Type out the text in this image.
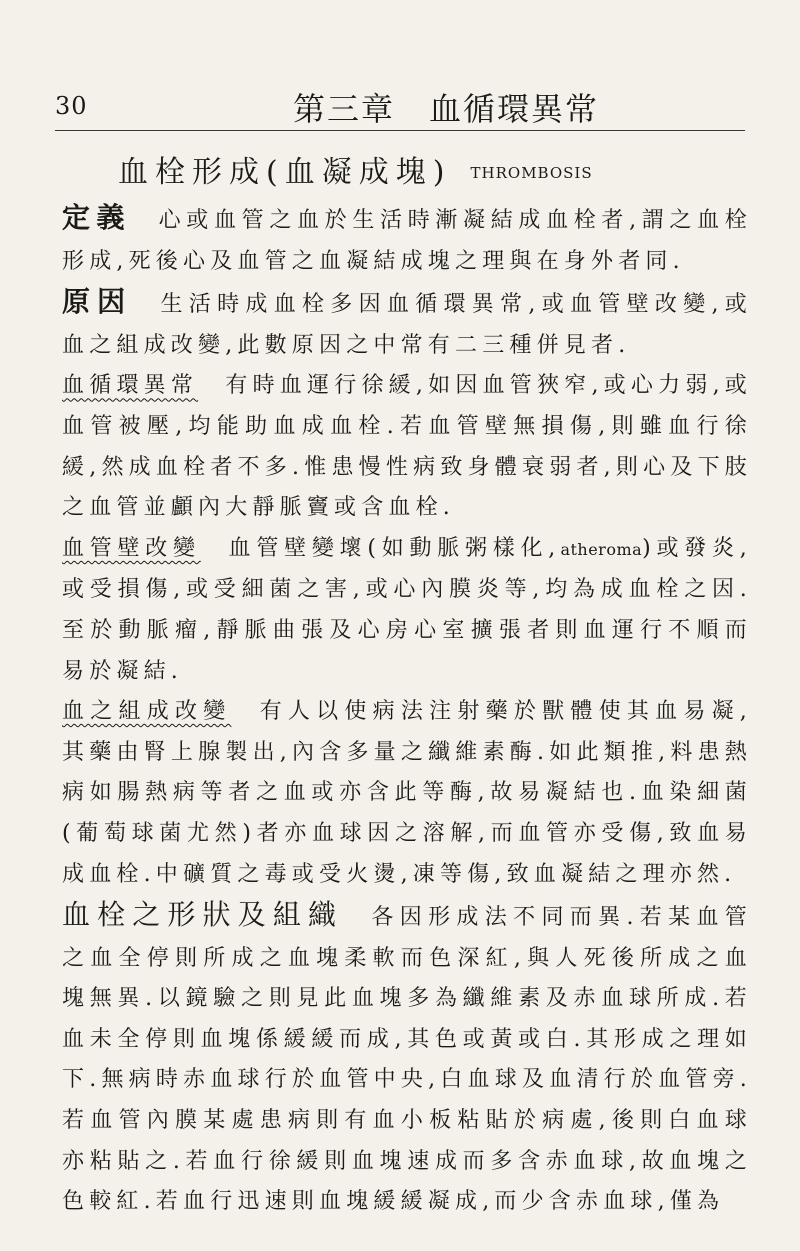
30	第三章　血循環異常
血栓形成(血凝成塊) THROMBOSIS

定義　心或血管之血於生活時漸凝結成血栓者,謂之血栓形成,死後心及血管之血凝結成塊之理與在身外者同.

原因　生活時成血栓多因血循環異常,或血管壁改變,或血之組成改變,此數原因之中常有二三種併見者.

血循環異常　有時血運行徐緩,如因血管狹窄,或心力弱,或血管被壓,均能助血成血栓.若血管壁無損傷,則雖血行徐緩,然成血栓者不多.惟患慢性病致身體衰弱者,則心及下肢之血管並顱內大靜脈竇或含血栓.

血管壁改變　血管壁變壞(如動脈粥樣化,atheroma)或發炎,或受損傷,或受細菌之害,或心內膜炎等,均為成血栓之因.至於動脈瘤,靜脈曲張及心房心室擴張者則血運行不順而易於凝結.

血之組成改變　有人以使病法注射藥於獸體使其血易凝,其藥由腎上腺製出,內含多量之纖維素酶.如此類推,料患熱病如腸熱病等者之血或亦含此等酶,故易凝結也.血染細菌(葡萄球菌尤然)者亦血球因之溶解,而血管亦受傷,致血易成血栓.中礦質之毒或受火燙,凍等傷,致血凝結之理亦然.

血栓之形狀及組織　各因形成法不同而異.若某血管之血全停則所成之血塊柔軟而色深紅,與人死後所成之血塊無異.以鏡驗之則見此血塊多為纖維素及赤血球所成.若血未全停則血塊係緩緩而成,其色或黃或白.其形成之理如下.無病時赤血球行於血管中央,白血球及血清行於血管旁.若血管內膜某處患病則有血小板粘貼於病處,後則白血球亦粘貼之.若血行徐緩則血塊速成而多含赤血球,故血塊之色較紅.若血行迅速則血塊緩緩凝成,而少含赤血球,僅為
